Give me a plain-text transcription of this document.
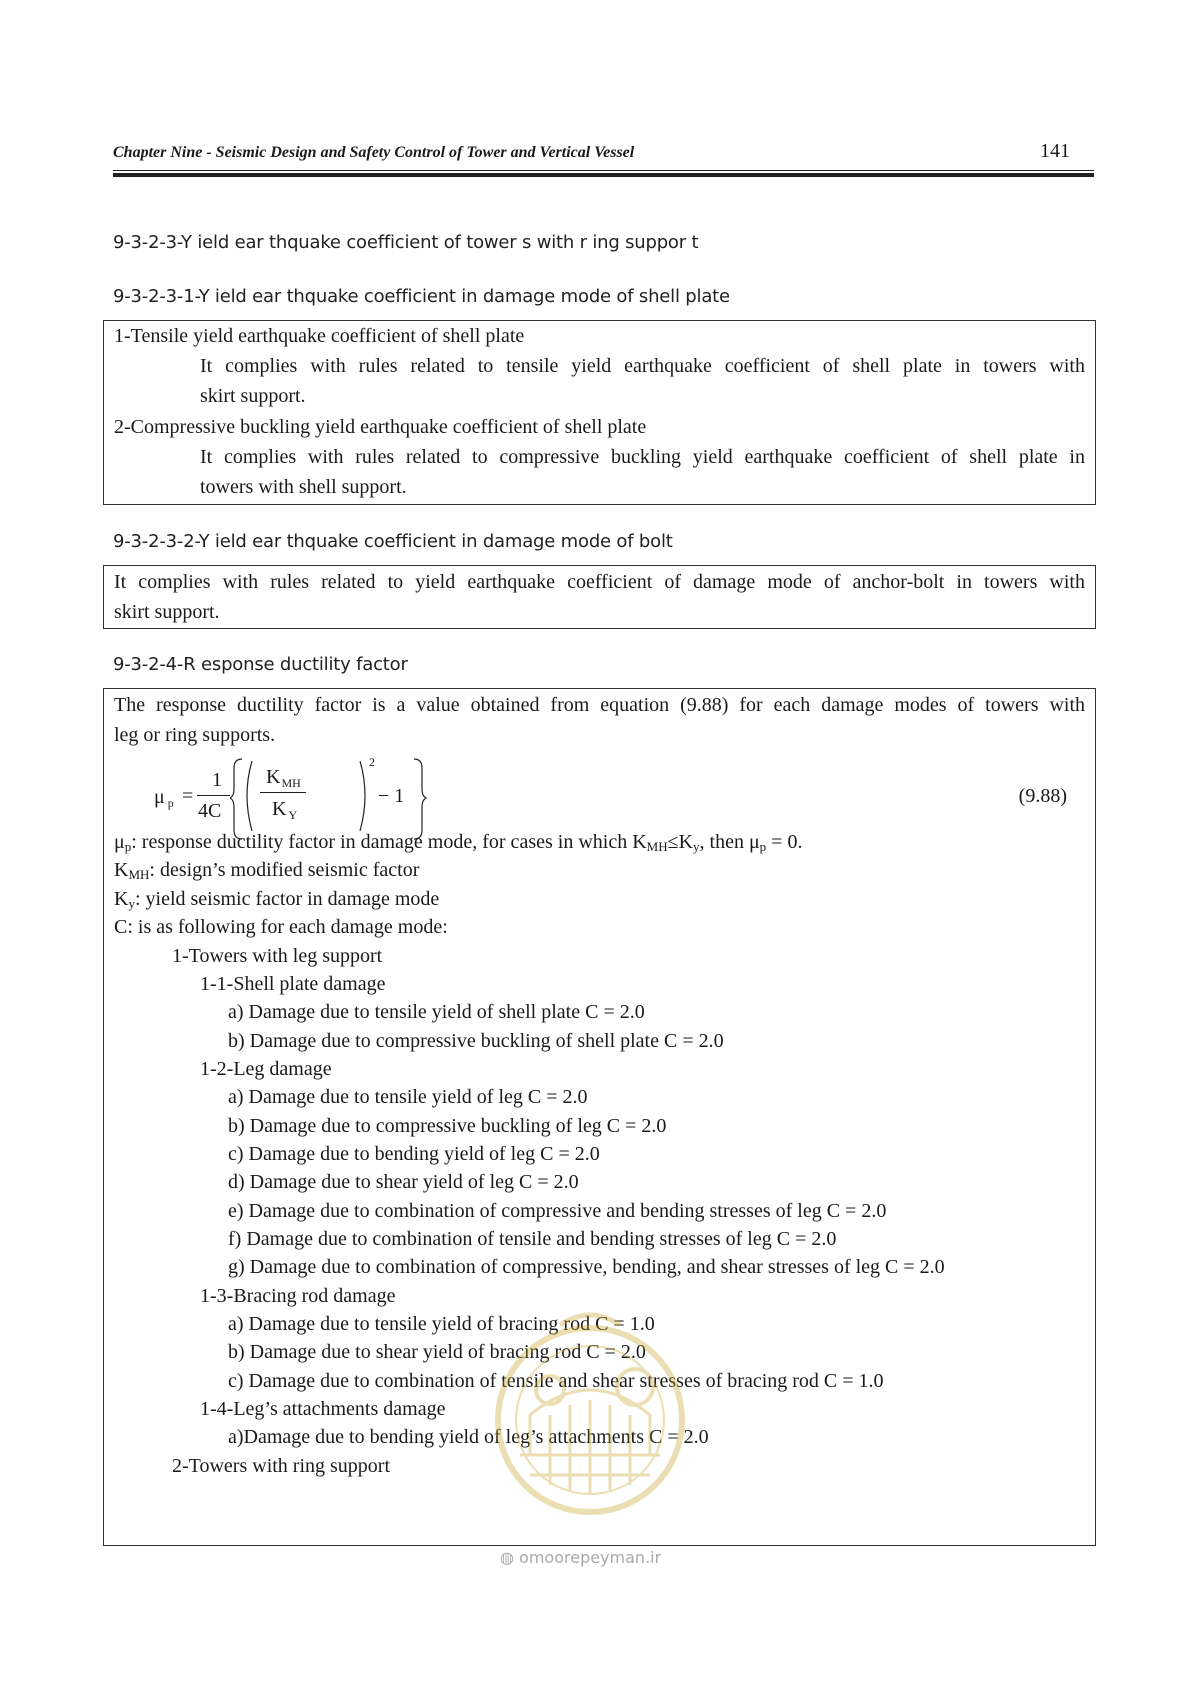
Chapter Nine - Seismic Design and Safety Control of Tower and Vertical Vessel	141
9-3-2-3-Y ield ear thquake coefficient of tower s with r ing suppor t
9-3-2-3-1-Y ield ear thquake coefficient in damage mode of shell plate
1-Tensile yield earthquake coefficient of shell plate
It complies with rules related to tensile yield earthquake coefficient of shell plate in towers with
skirt support.
2-Compressive buckling yield earthquake coefficient of shell plate
It complies with rules related to compressive buckling yield earthquake coefficient of shell plate in
towers with shell support.
9-3-2-3-2-Y ield ear thquake coefficient in damage mode of bolt
It complies with rules related to yield earthquake coefficient of damage mode of anchor-bolt in towers with
skirt support.
9-3-2-4-R esponse ductility factor
The response ductility factor is a value obtained from equation (9.88) for each damage modes of towers with
leg or ring supports.
μ $_p$ =
1
4C
$K_{MH}$
K $_Y$
2
− 1	(9.88)
$\mu_p$: response ductility factor in damage mode, for cases in which $K_{MH}\le K_y$, then $\mu_p = 0$.
$K_{MH}$: design’s modified seismic factor
$K_y$: yield seismic factor in damage mode
C: is as following for each damage mode:
1-Towers with leg support
1-1-Shell plate damage
a) Damage due to tensile yield of shell plate C = 2.0
b) Damage due to compressive buckling of shell plate C = 2.0
1-2-Leg damage
a) Damage due to tensile yield of leg C = 2.0
b) Damage due to compressive buckling of leg C = 2.0
c) Damage due to bending yield of leg C = 2.0
d) Damage due to shear yield of leg C = 2.0
e) Damage due to combination of compressive and bending stresses of leg C = 2.0
f) Damage due to combination of tensile and bending stresses of leg C = 2.0
g) Damage due to combination of compressive, bending, and shear stresses of leg C = 2.0
1-3-Bracing rod damage
a) Damage due to tensile yield of bracing rod C = 1.0
b) Damage due to shear yield of bracing rod C = 2.0
c) Damage due to combination of tensile and shear stresses of bracing rod C = 1.0
1-4-Leg’s attachments damage
a)Damage due to bending yield of leg’s attachments C = 2.0
2-Towers with ring support
◍ omoorepeyman.ir
